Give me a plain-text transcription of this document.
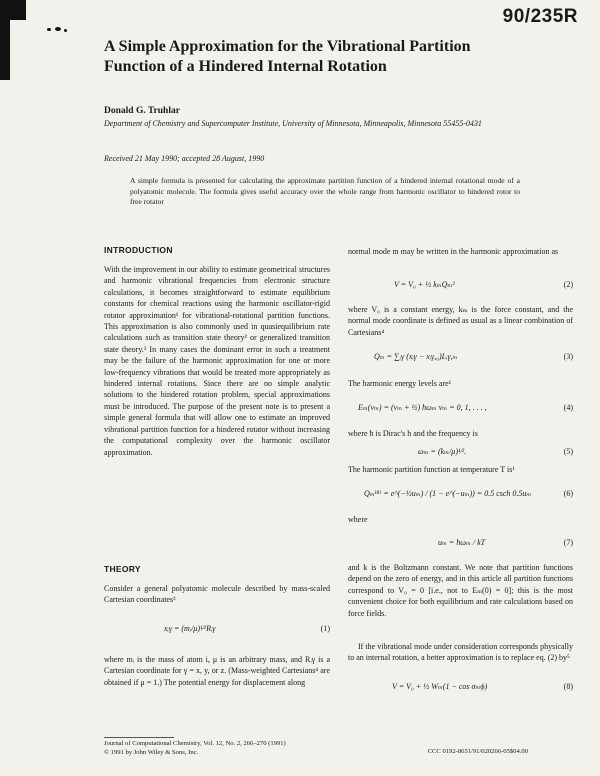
90/235R
A Simple Approximation for the Vibrational Partition Function of a Hindered Internal Rotation
Donald G. Truhlar
Department of Chemistry and Supercomputer Institute, University of Minnesota, Minneapolis, Minnesota 55455-0431
Received 21 May 1990; accepted 28 August, 1990
A simple formula is presented for calculating the approximate partition function of a hindered internal rotational mode of a polyatomic molecule. The formula gives useful accuracy over the whole range from harmonic oscillator to hindered rotor to free rotator
INTRODUCTION
With the improvement in our ability to estimate geometrical structures and harmonic vibrational frequencies from electronic structure calculations, it becomes straightforward to estimate equilibrium constants for chemical reactions using the harmonic oscillator-rigid rotator approximation¹ for vibrational-rotational partition functions. This approximation is also commonly used in quasiequilibrium rate calculations such as transition state theory² or generalized transition state theory.³ In many cases the dominant error in such a treatment may be the failure of the harmonic approximation for one or more low-frequency vibrations that would be treated more appropriately as hindered internal rotations. Since there are no simple analytic solutions to the hindered rotation problem, special approximations must be introduced. The purpose of the present note is to present a simple general formula that will allow one to estimate an improved vibrational partition function for a hindered rotator without increasing the computational complexity over the harmonic oscillator approximation.
THEORY
Consider a general polyatomic molecule described by mass-scaled Cartesian coordinates³
xᵢγ = (mᵢ/μ)¹⁄²Rᵢγ	(1)
where mᵢ is the mass of atom i, μ is an arbitrary mass, and Rᵢγ is a Cartesian coordinate for γ = x, y, or z. (Mass-weighted Cartesians⁴ are obtained if μ = 1.) The potential energy for displacement along
normal mode m may be written in the harmonic approximation as
V = V₀ + ½ kₘQₘ²	(2)
where V₀ is a constant energy, kₘ is the force constant, and the normal mode coordinate is defined as usual as a linear combination of Cartesians⁴
Qₘ = ∑ᵢγ (xᵢγ − xᵢγ,₀)Lᵢγ,ₘ	(3)
The harmonic energy levels are¹
Eₘ(vₘ) = (vₘ + ½) ħωₘ vₘ = 0, 1, . . . ,	(4)
where ħ is Dirac's h and the frequency is
ωₘ = (kₘ/μ)¹⁄².	(5)
The harmonic partition function at temperature T is¹
Qₘᴴᴼ = e^(−½uₘ) / (1 − e^(−uₘ)) = 0.5 csch 0.5uₘ	(6)
where
uₘ = ħωₘ / kT	(7)
and k is the Boltzmann constant. We note that partition functions depend on the zero of energy, and in this article all partition functions correspond to V₀ = 0 [i.e., not to Eₘ(0) = 0]; this is the most convenient choice for both equilibrium and rate calculations based on force fields.
If the vibrational mode under consideration corresponds physically to an internal rotation, a better approximation is to replace eq. (2) by⁵
V = V₀ + ½ Wₘ(1 − cos σₘϕ)	(8)
Journal of Computational Chemistry, Vol. 12, No. 2, 266–270 (1991)
© 1991 by John Wiley & Sons, Inc.	CCC 0192-8651/91/020266-05$04.00
